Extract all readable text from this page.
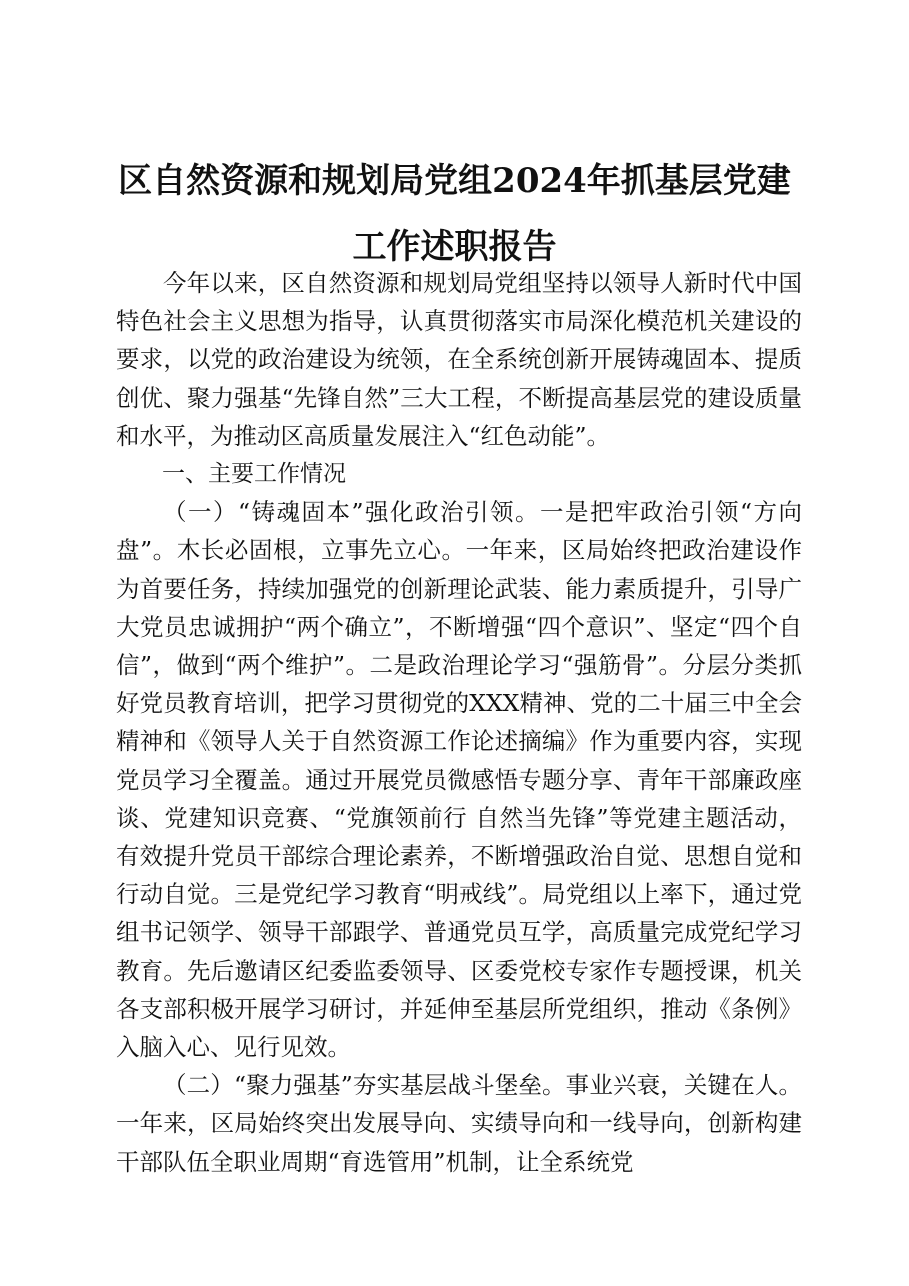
区自然资源和规划局党组2024年抓基层党建
工作述职报告

今年以来，区自然资源和规划局党组坚持以领导人新时代中国特色社会主义思想为指导，认真贯彻落实市局深化模范机关建设的要求，以党的政治建设为统领，在全系统创新开展铸魂固本、提质创优、聚力强基“先锋自然”三大工程，不断提高基层党的建设质量和水平，为推动区高质量发展注入“红色动能”。

一、主要工作情况

（一）“铸魂固本”强化政治引领。一是把牢政治引领“方向盘”。木长必固根，立事先立心。一年来，区局始终把政治建设作为首要任务，持续加强党的创新理论武装、能力素质提升，引导广大党员忠诚拥护“两个确立”，不断增强“四个意识”、坚定“四个自信”，做到“两个维护”。二是政治理论学习“强筋骨”。分层分类抓好党员教育培训，把学习贯彻党的XXX精神、党的二十届三中全会精神和《领导人关于自然资源工作论述摘编》作为重要内容，实现党员学习全覆盖。通过开展党员微感悟专题分享、青年干部廉政座谈、党建知识竞赛、“党旗领前行 自然当先锋”等党建主题活动，有效提升党员干部综合理论素养，不断增强政治自觉、思想自觉和行动自觉。三是党纪学习教育“明戒线”。局党组以上率下，通过党组书记领学、领导干部跟学、普通党员互学，高质量完成党纪学习教育。先后邀请区纪委监委领导、区委党校专家作专题授课，机关各支部积极开展学习研讨，并延伸至基层所党组织，推动《条例》入脑入心、见行见效。

（二）“聚力强基”夯实基层战斗堡垒。事业兴衰，关键在人。一年来，区局始终突出发展导向、实绩导向和一线导向，创新构建干部队伍全职业周期“育选管用”机制，让全系统党
